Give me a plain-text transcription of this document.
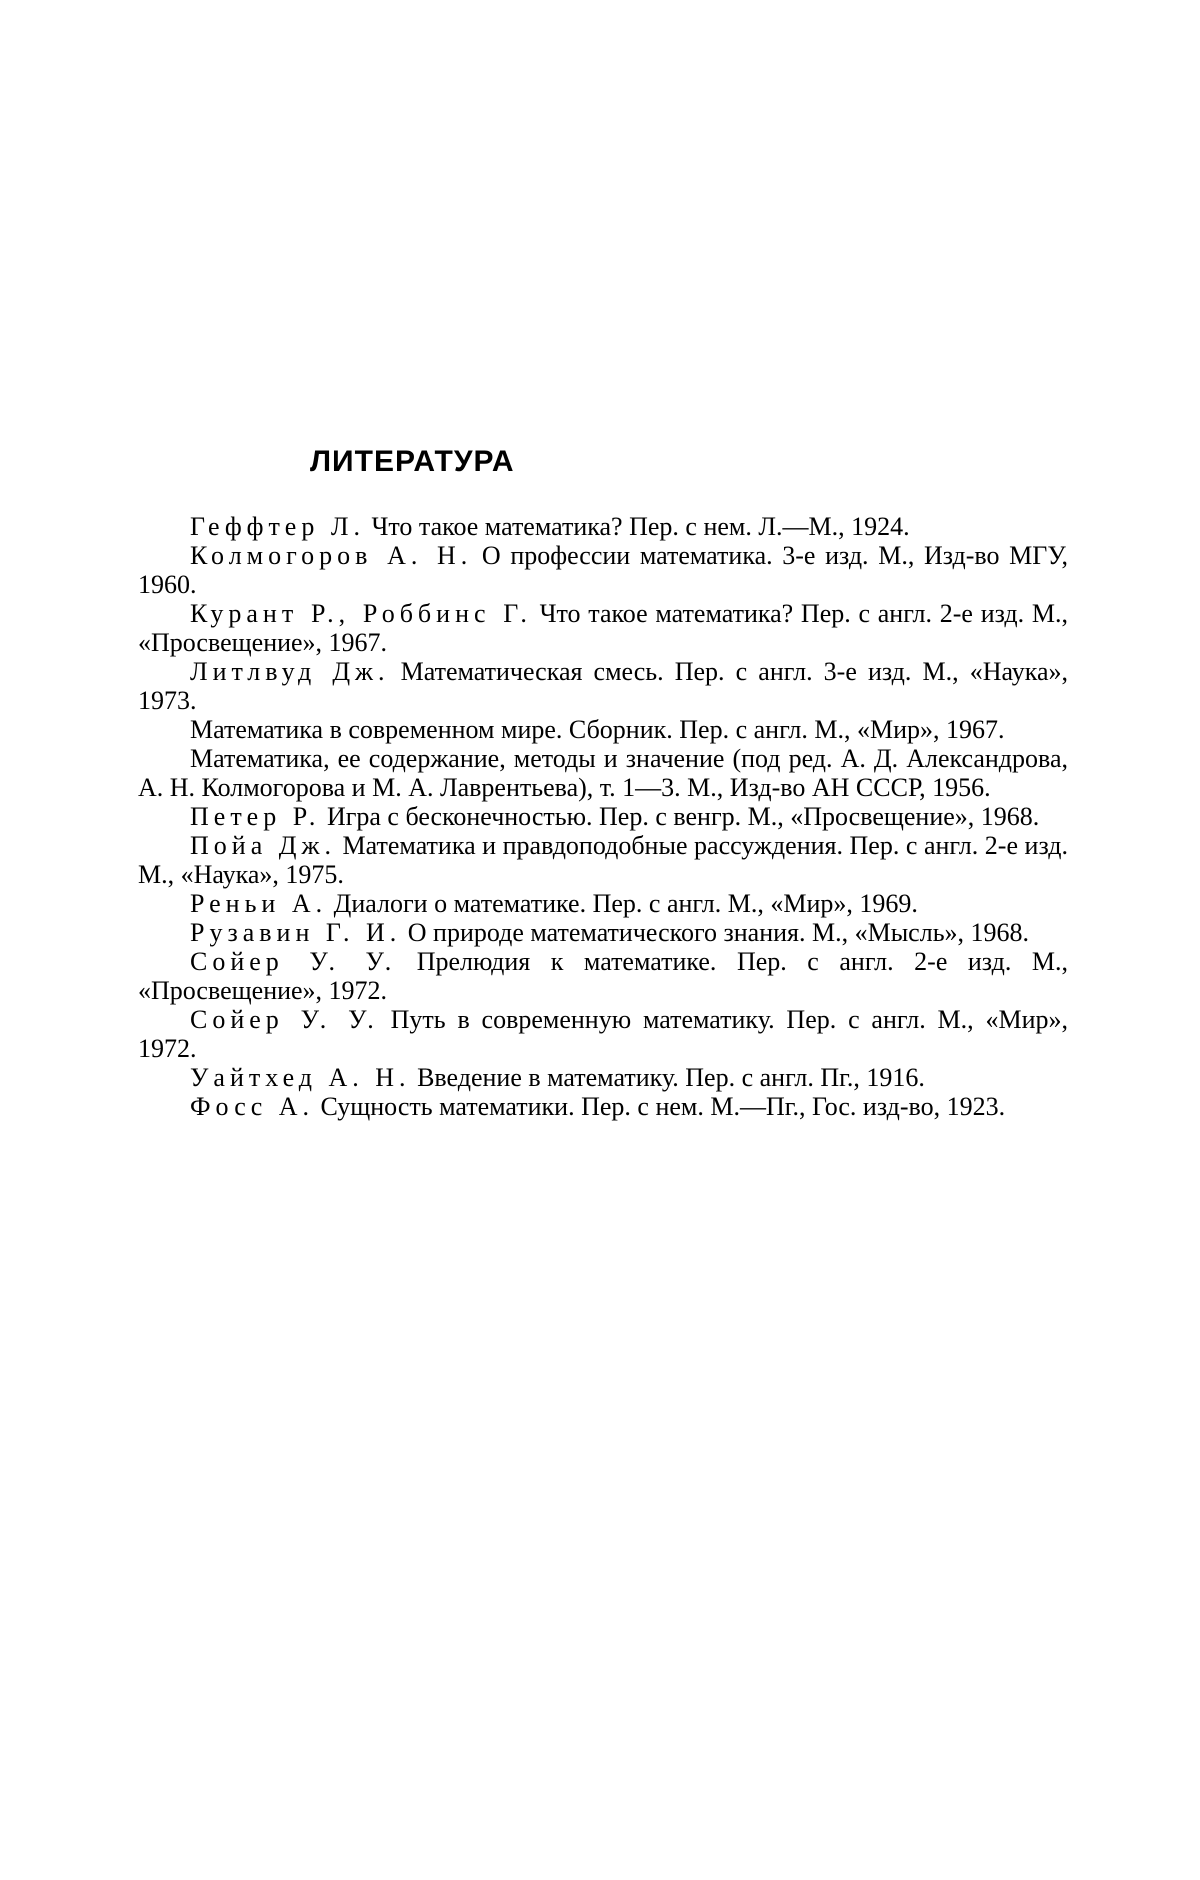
ЛИТЕРАТУРА

Геффтер Л. Что такое математика? Пер. с нем. Л.—М., 1924.

Колмогоров А. Н. О профессии математика. 3-е изд. М., Изд-во МГУ, 1960.

Курант Р., Роббинс Г. Что такое математика? Пер. с англ. 2-е изд. М., «Просвещение», 1967.

Литлвуд Дж. Математическая смесь. Пер. с англ. 3-е изд. М., «Наука», 1973.

Математика в современном мире. Сборник. Пер. с англ. М., «Мир», 1967.

Математика, ее содержание, методы и значение (под ред. А. Д. Александрова, А. Н. Колмогорова и М. А. Лаврентьева), т. 1—3. М., Изд-во АН СССР, 1956.

Петер Р. Игра с бесконечностью. Пер. с венгр. М., «Просвещение», 1968.

Пойа Дж. Математика и правдоподобные рассуждения. Пер. с англ. 2-е изд. М., «Наука», 1975.

Реньи А. Диалоги о математике. Пер. с англ. М., «Мир», 1969.

Рузавин Г. И. О природе математического знания. М., «Мысль», 1968.

Сойер У. У. Прелюдия к математике. Пер. с англ. 2-е изд. М., «Просвещение», 1972.

Сойер У. У. Путь в современную математику. Пер. с англ. М., «Мир», 1972.

Уайтхед А. Н. Введение в математику. Пер. с англ. Пг., 1916.

Фосс А. Сущность математики. Пер. с нем. М.—Пг., Гос. изд-во, 1923.
